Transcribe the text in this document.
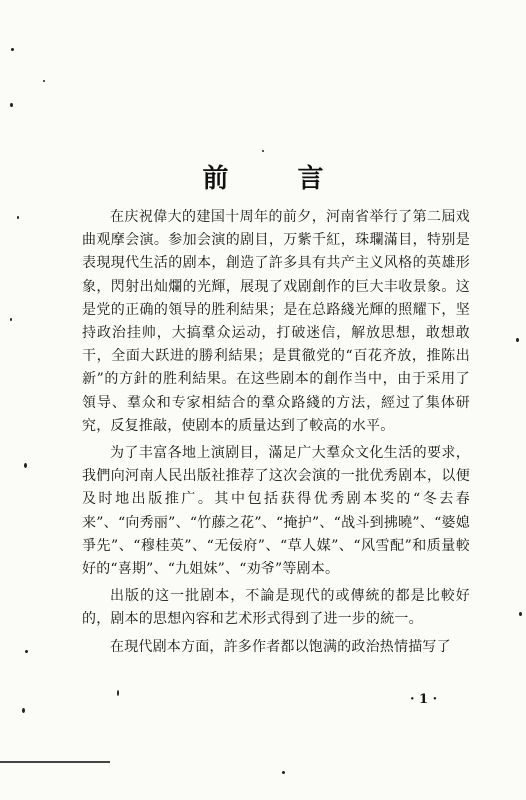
前 言

在庆祝偉大的建国十周年的前夕，河南省举行了第二屆戏曲观摩会演。参加会演的剧目，万紫千紅，珠瓓滿目，特别是表現現代生活的剧本，創造了許多具有共产主义风格的英雄形象，閃射出灿爛的光輝，展現了戏剧創作的巨大丰收景象。这是党的正确的領导的胜利結果；是在总路綫光輝的照耀下，坚持政治挂帅，大搞羣众运动，打破迷信，解放思想，敢想敢干，全面大跃进的勝利結果；是貫徹党的“百花齐放，推陈出新”的方針的胜利結果。在这些剧本的創作当中，由于采用了領导、羣众和专家相結合的羣众路綫的方法，經过了集体研究，反复推敲，使剧本的质量达到了較高的水平。

为了丰富各地上演剧目，滿足广大羣众文化生活的要求，我們向河南人民出版社推荐了这次会演的一批优秀剧本，以便及时地出版推广。其中包括获得优秀剧本奖的“冬去春来”、“向秀丽”、“竹藤之花”、“掩护”、“战斗到拂曉”、“婆媳爭先”、“穆桂英”、“无佞府”、“草人媒”、“风雪配”和质量較好的“喜期”、“九姐妹”、“劝爷”等剧本。

出版的这一批剧本，不論是现代的或傳統的都是比較好的，剧本的思想內容和艺术形式得到了进一步的統一。

在現代剧本方面，許多作者都以饱满的政治热情描写了

· 1 ·
